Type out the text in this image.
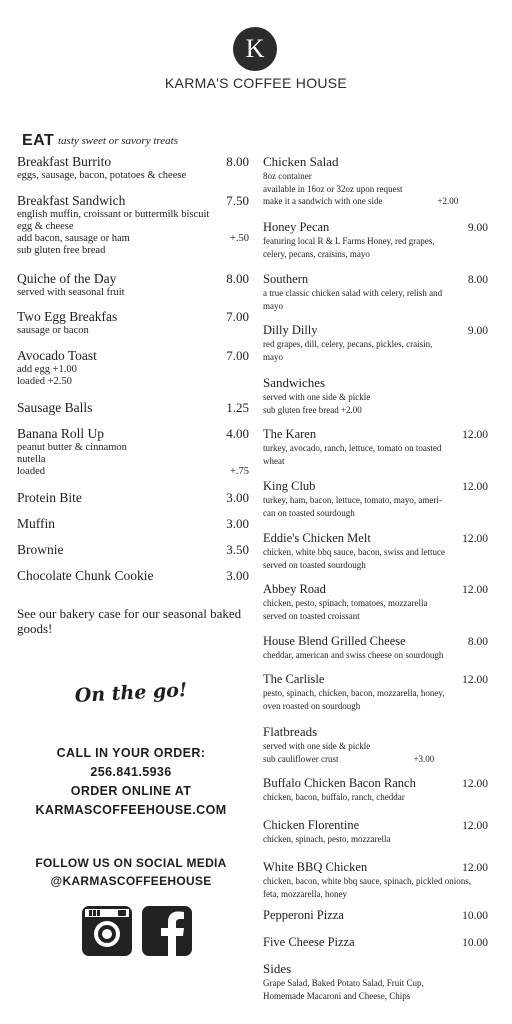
K
KARMA'S COFFEE HOUSE
EAT tasty sweet or savory treats
Breakfast Burrito	8.00
eggs, sausage, bacon, potatoes & cheese
Breakfast Sandwich	7.50
english muffin, croissant or buttermilk biscuit
egg & cheese
add bacon, sausage or ham	+.50
sub gluten free bread
Quiche of the Day	8.00
served with seasonal fruit
Two Egg Breakfas	7.00
sausage or bacon
Avocado Toast	7.00
add egg +1.00
loaded +2.50
Sausage Balls	1.25
Banana Roll Up	4.00
peanut butter & cinnamon
nutella
loaded	+.75
Protein Bite	3.00
Muffin	3.00
Brownie	3.50
Chocolate Chunk Cookie	3.00
See our bakery case for our seasonal baked goods!
On the go!
CALL IN YOUR ORDER:
256.841.5936
ORDER ONLINE AT
KARMASCOFFEEHOUSE.COM
FOLLOW US ON SOCIAL MEDIA
@KARMASCOFFEEHOUSE
Chicken Salad
8oz container
available in 16oz or 32oz upon request
make it a sandwich with one side	+2.00
Honey Pecan	9.00
featuring local R & L Farms Honey, red grapes,
celery, pecans, craisins, mayo
Southern	8.00
a true classic chicken salad with celery, relish and
mayo
Dilly Dilly	9.00
red grapes, dill, celery, pecans, pickles, craisin,
mayo
Sandwiches
served with one side & pickle
sub gluten free bread +2.00
The Karen	12.00
turkey, avocado, ranch, lettuce, tomato on toasted
wheat
King Club	12.00
turkey, ham, bacon, lettuce, tomato, mayo, ameri-
can on toasted sourdough
Eddie's Chicken Melt	12.00
chicken, white bbq sauce, bacon, swiss and lettuce
served on toasted sourdough
Abbey Road	12.00
chicken, pesto, spinach, tomatoes, mozzarella
served on toasted croissant
House Blend Grilled Cheese	8.00
cheddar, american and swiss cheese on sourdough
The Carlisle	12.00
pesto, spinach, chicken, bacon, mozzarella, honey,
oven roasted on sourdough
Flatbreads
served with one side & pickle
sub cauliflower crust	+3.00
Buffalo Chicken Bacon Ranch	12.00
chicken, bacon, buffalo, ranch, cheddar
Chicken Florentine	12.00
chicken, spinach, pesto, mozzarella
White BBQ Chicken	12.00
chicken, bacon, white bbq sauce, spinach, pickled onions,
feta, mozzarella, honey
Pepperoni Pizza	10.00
Five Cheese Pizza	10.00
Sides
Grape Salad, Baked Potato Salad, Fruit Cup,
Homemade Macaroni and Cheese, Chips
